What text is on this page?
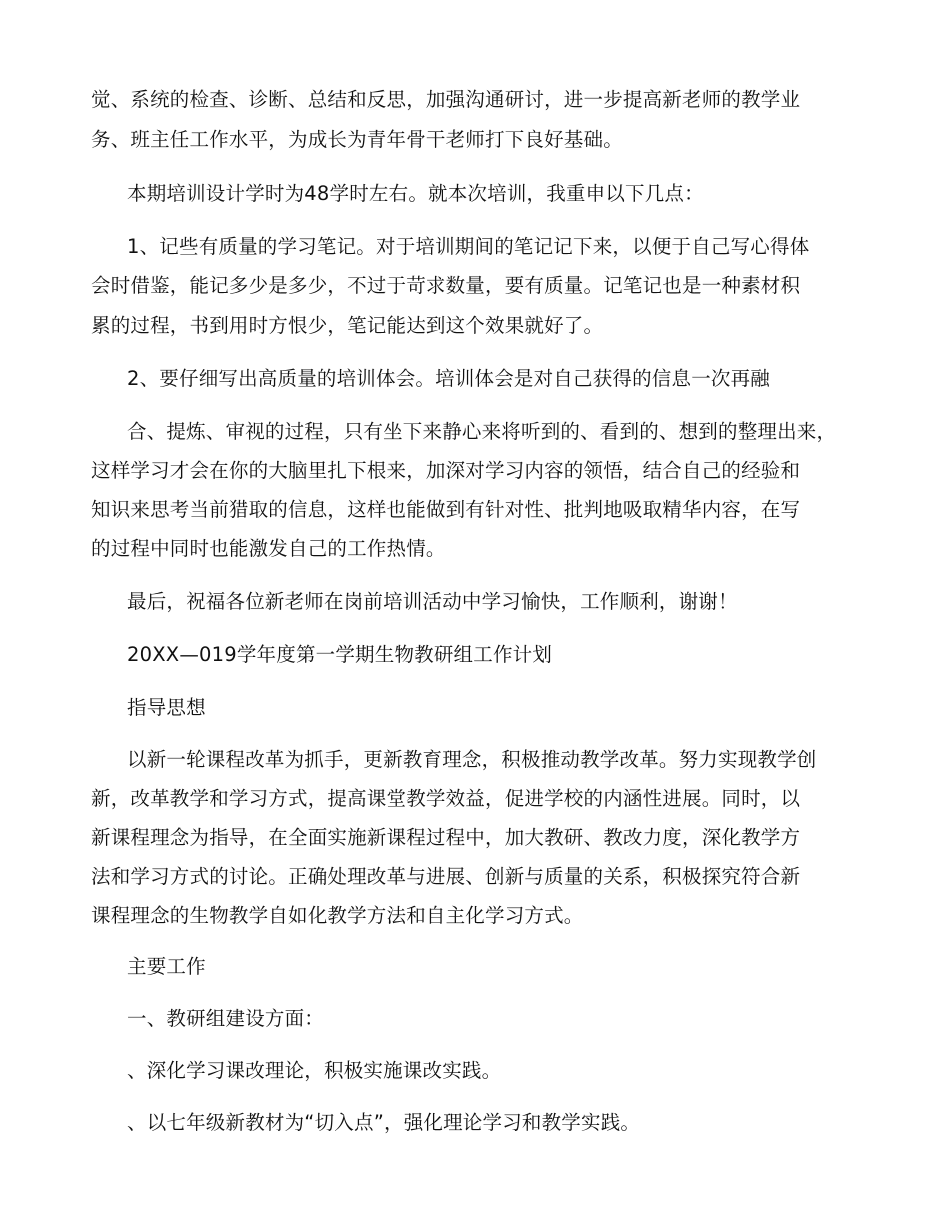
觉、系统的检查、诊断、总结和反思，加强沟通研讨，进一步提高新老师的教学业
务、班主任工作水平，为成长为青年骨干老师打下良好基础。
本期培训设计学时为48学时左右。就本次培训，我重申以下几点：
1、记些有质量的学习笔记。对于培训期间的笔记记下来，以便于自己写心得体
会时借鉴，能记多少是多少，不过于苛求数量，要有质量。记笔记也是一种素材积
累的过程，书到用时方恨少，笔记能达到这个效果就好了。
2、要仔细写出高质量的培训体会。培训体会是对自己获得的信息一次再融
合、提炼、审视的过程，只有坐下来静心来将听到的、看到的、想到的整理出来，
这样学习才会在你的大脑里扎下根来，加深对学习内容的领悟，结合自己的经验和
知识来思考当前猎取的信息，这样也能做到有针对性、批判地吸取精华内容，在写
的过程中同时也能激发自己的工作热情。
最后，祝福各位新老师在岗前培训活动中学习愉快，工作顺利，谢谢！
20XX—019学年度第一学期生物教研组工作计划
指导思想
以新一轮课程改革为抓手，更新教育理念，积极推动教学改革。努力实现教学创
新，改革教学和学习方式，提高课堂教学效益，促进学校的内涵性进展。同时，以
新课程理念为指导，在全面实施新课程过程中，加大教研、教改力度，深化教学方
法和学习方式的讨论。正确处理改革与进展、创新与质量的关系，积极探究符合新
课程理念的生物教学自如化教学方法和自主化学习方式。
主要工作
一、教研组建设方面：
、深化学习课改理论，积极实施课改实践。
、以七年级新教材为“切入点”，强化理论学习和教学实践。
